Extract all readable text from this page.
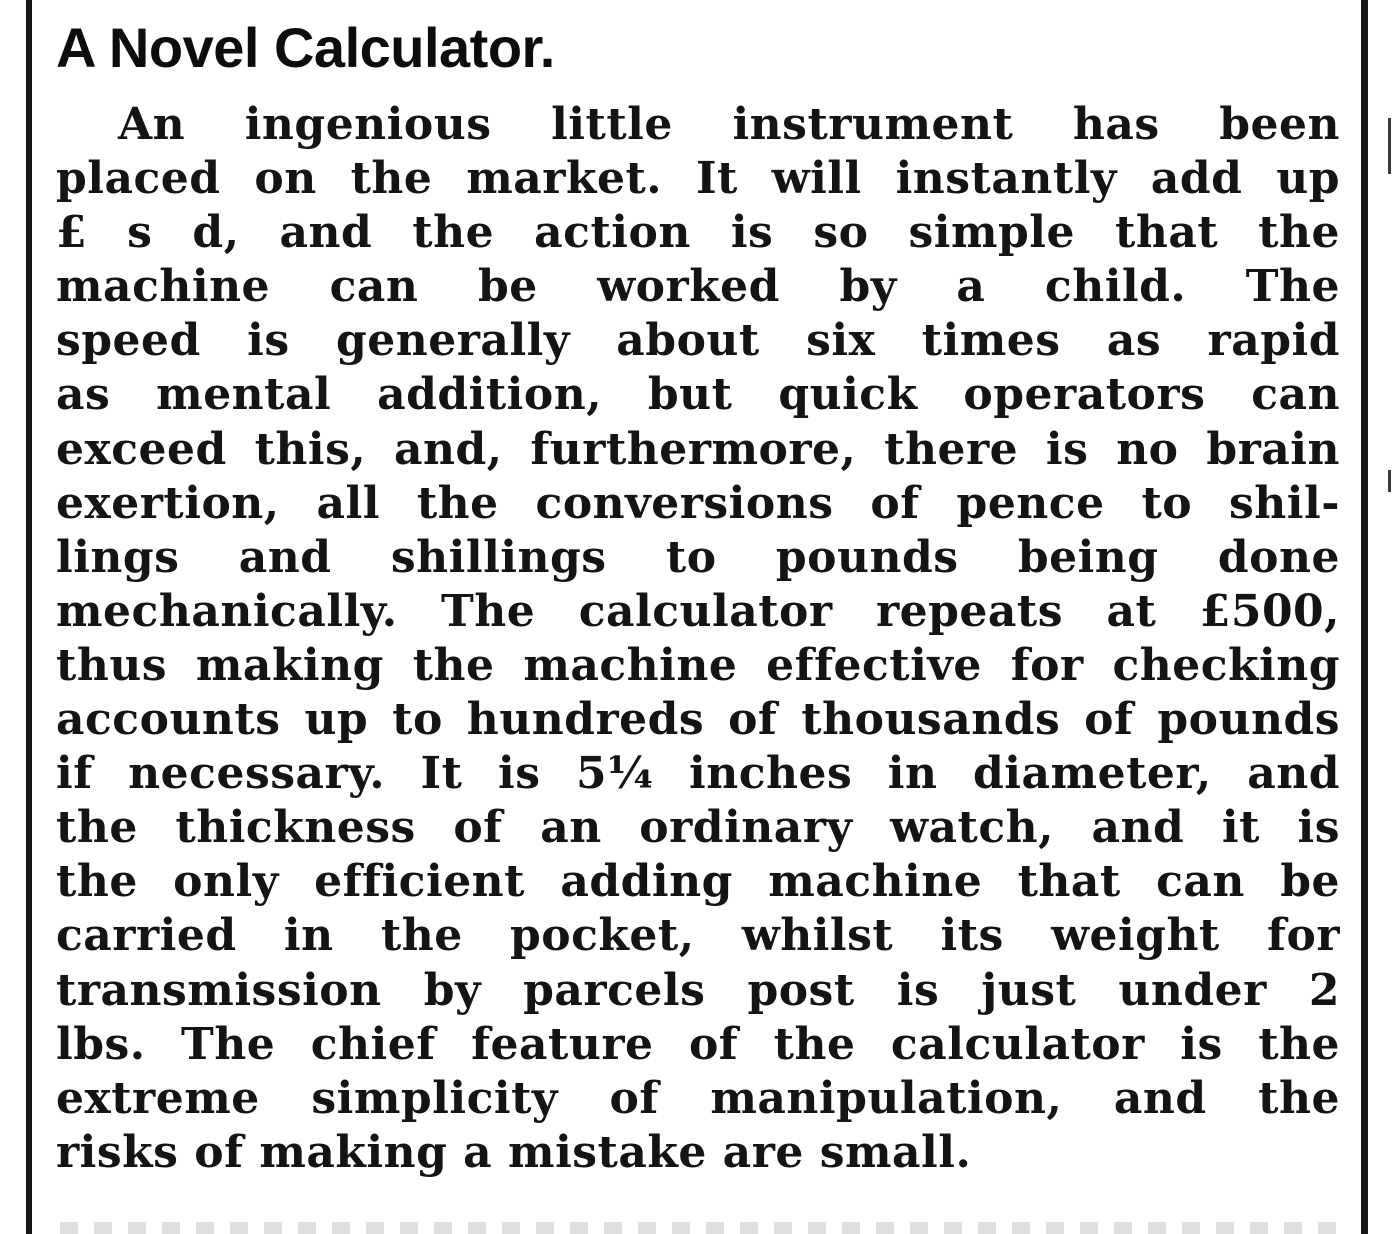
A Novel Calculator.
An ingenious little instrument has been
placed on the market. It will instantly add up
£ s d, and the action is so simple that the
machine can be worked by a child. The
speed is generally about six times as rapid
as mental addition, but quick operators can
exceed this, and, furthermore, there is no brain
exertion, all the conversions of pence to shil-
lings and shillings to pounds being done
mechanically. The calculator repeats at £500,
thus making the machine effective for checking
accounts up to hundreds of thousands of pounds
if necessary. It is 5¼ inches in diameter, and
the thickness of an ordinary watch, and it is
the only efficient adding machine that can be
carried in the pocket, whilst its weight for
transmission by parcels post is just under 2
lbs. The chief feature of the calculator is the
extreme simplicity of manipulation, and the
risks of making a mistake are small.
